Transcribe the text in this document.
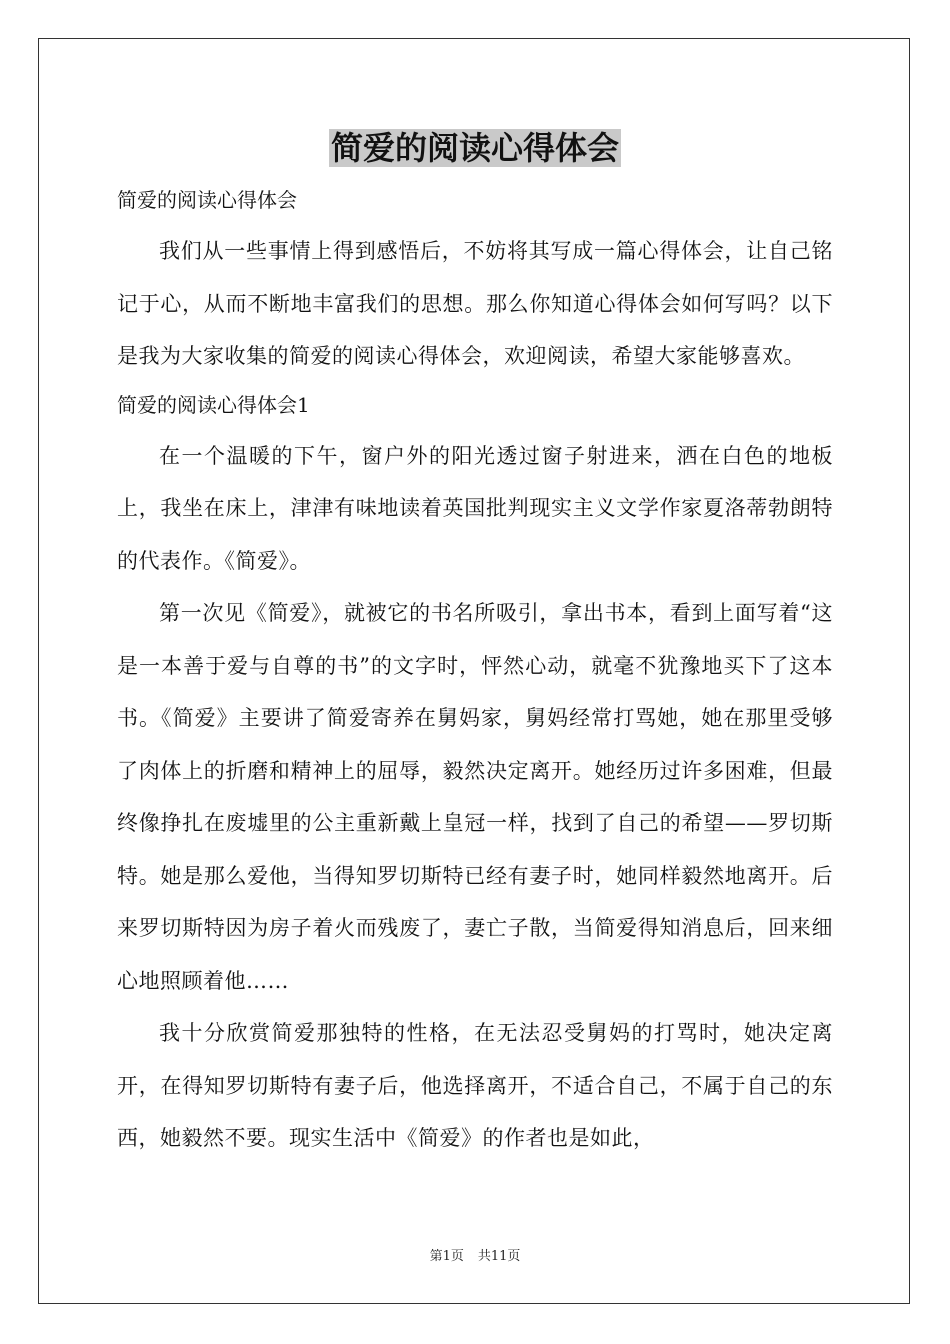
简爱的阅读心得体会

简爱的阅读心得体会

我们从一些事情上得到感悟后，不妨将其写成一篇心得体会，让自己铭记于心，从而不断地丰富我们的思想。那么你知道心得体会如何写吗？以下是我为大家收集的简爱的阅读心得体会，欢迎阅读，希望大家能够喜欢。

简爱的阅读心得体会1

在一个温暖的下午，窗户外的阳光透过窗子射进来，洒在白色的地板上，我坐在床上，津津有味地读着英国批判现实主义文学作家夏洛蒂勃朗特的代表作。《简爱》。

第一次见《简爱》，就被它的书名所吸引，拿出书本，看到上面写着“这是一本善于爱与自尊的书”的文字时，怦然心动，就毫不犹豫地买下了这本书。《简爱》主要讲了简爱寄养在舅妈家，舅妈经常打骂她，她在那里受够了肉体上的折磨和精神上的屈辱，毅然决定离开。她经历过许多困难，但最终像挣扎在废墟里的公主重新戴上皇冠一样，找到了自己的希望——罗切斯特。她是那么爱他，当得知罗切斯特已经有妻子时，她同样毅然地离开。后来罗切斯特因为房子着火而残废了，妻亡子散，当简爱得知消息后，回来细心地照顾着他……

我十分欣赏简爱那独特的性格，在无法忍受舅妈的打骂时，她决定离开，在得知罗切斯特有妻子后，他选择离开，不适合自己，不属于自己的东西，她毅然不要。现实生活中《简爱》的作者也是如此，

第1页 共11页
